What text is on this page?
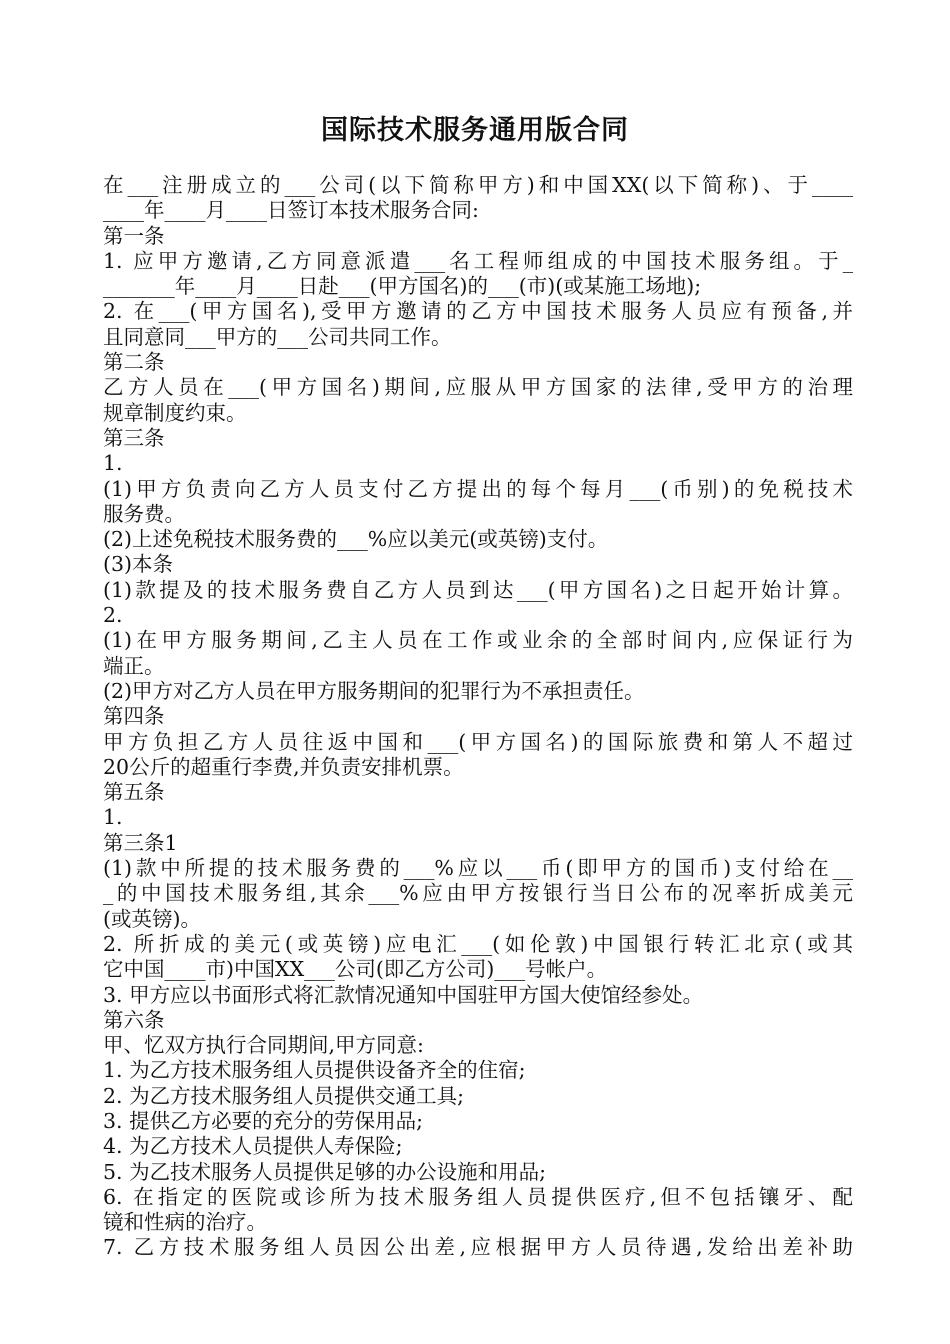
国际技术服务通用版合同
在___注册成立的___公司(以下简称甲方)和中国XX(以下简称)、于____
____年____月____日签订本技术服务合同:
第一条
1. 应甲方邀请,乙方同意派遣___名工程师组成的中国技术服务组。于_
_______年____月____日赴___(甲方国名)的___(市)(或某施工场地);
2. 在___(甲方国名),受甲方邀请的乙方中国技术服务人员应有预备,并
且同意同___甲方的___公司共同工作。
第二条
乙方人员在___(甲方国名)期间,应服从甲方国家的法律,受甲方的治理
规章制度约束。
第三条
1.
(1)甲方负责向乙方人员支付乙方提出的每个每月___(币别)的免税技术
服务费。
(2)上述免税技术服务费的___%应以美元(或英镑)支付。
(3)本条
(1)款提及的技术服务费自乙方人员到达___(甲方国名)之日起开始计算。
2.
(1)在甲方服务期间,乙主人员在工作或业余的全部时间内,应保证行为
端正。
(2)甲方对乙方人员在甲方服务期间的犯罪行为不承担责任。
第四条
甲方负担乙方人员往返中国和___(甲方国名)的国际旅费和第人不超过
20公斤的超重行李费,并负责安排机票。
第五条
1.
第三条1
(1)款中所提的技术服务费的___%应以___币(即甲方的国币)支付给在__
_的中国技术服务组,其余___%应由甲方按银行当日公布的况率折成美元
(或英镑)。
2. 所折成的美元(或英镑)应电汇___(如伦敦)中国银行转汇北京(或其
它中国____市)中国XX___公司(即乙方公司)___号帐户。
3. 甲方应以书面形式将汇款情况通知中国驻甲方国大使馆经参处。
第六条
甲、忆双方执行合同期间,甲方同意:
1. 为乙方技术服务组人员提供设备齐全的住宿;
2. 为乙方技术服务组人员提供交通工具;
3. 提供乙方必要的充分的劳保用品;
4. 为乙方技术人员提供人寿保险;
5. 为乙技术服务人员提供足够的办公设施和用品;
6. 在指定的医院或诊所为技术服务组人员提供医疗,但不包括镶牙、配
镜和性病的治疗。
7. 乙方技术服务组人员因公出差,应根据甲方人员待遇,发给出差补助
